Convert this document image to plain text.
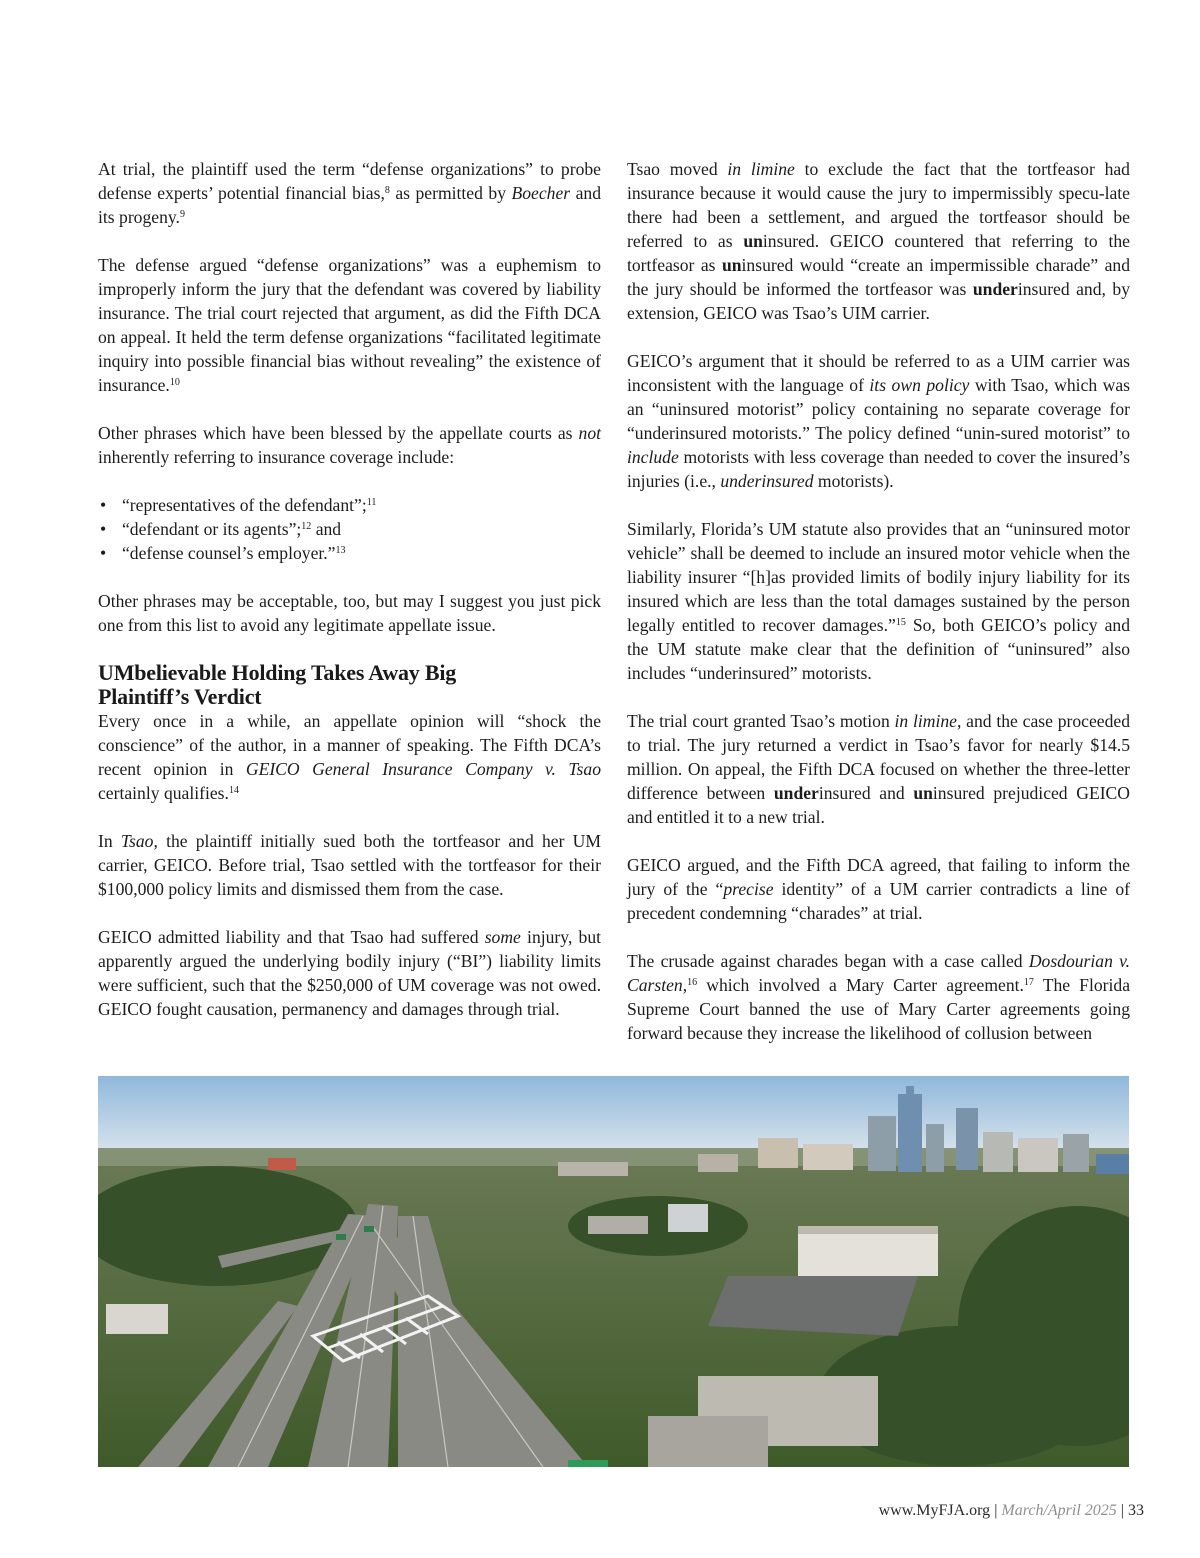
At trial, the plaintiff used the term “defense organizations” to probe defense experts’ potential financial bias,$^8$ as permitted by Boecher and its progeny.$^9$

The defense argued “defense organizations” was a euphemism to improperly inform the jury that the defendant was covered by liability insurance. The trial court rejected that argument, as did the Fifth DCA on appeal. It held the term defense organizations “facilitated legitimate inquiry into possible financial bias without revealing” the existence of insurance.$^{10}$

Other phrases which have been blessed by the appellate courts as not inherently referring to insurance coverage include:

• “representatives of the defendant”;$^{11}$
• “defendant or its agents”;$^{12}$ and
• “defense counsel’s employer.”$^{13}$

Other phrases may be acceptable, too, but may I suggest you just pick one from this list to avoid any legitimate appellate issue.

UMbelievable Holding Takes Away Big
Plaintiff’s Verdict

Every once in a while, an appellate opinion will “shock the conscience” of the author, in a manner of speaking. The Fifth DCA’s recent opinion in GEICO General Insurance Company v. Tsao certainly qualifies.$^{14}$

In Tsao, the plaintiff initially sued both the tortfeasor and her UM carrier, GEICO. Before trial, Tsao settled with the tortfeasor for their $100,000 policy limits and dismissed them from the case.

GEICO admitted liability and that Tsao had suffered some injury, but apparently argued the underlying bodily injury (“BI”) liability limits were sufficient, such that the $250,000 of UM coverage was not owed. GEICO fought causation, permanency and damages through trial.

Tsao moved in limine to exclude the fact that the tortfeasor had insurance because it would cause the jury to impermissibly specu-late there had been a settlement, and argued the tortfeasor should be referred to as uninsured. GEICO countered that referring to the tortfeasor as uninsured would “create an impermissible charade” and the jury should be informed the tortfeasor was underinsured and, by extension, GEICO was Tsao’s UIM carrier.

GEICO’s argument that it should be referred to as a UIM carrier was inconsistent with the language of its own policy with Tsao, which was an “uninsured motorist” policy containing no separate coverage for “underinsured motorists.” The policy defined “unin-sured motorist” to include motorists with less coverage than needed to cover the insured’s injuries (i.e., underinsured motorists).

Similarly, Florida’s UM statute also provides that an “uninsured motor vehicle” shall be deemed to include an insured motor vehicle when the liability insurer “[h]as provided limits of bodily injury liability for its insured which are less than the total damages sustained by the person legally entitled to recover damages.”$^{15}$ So, both GEICO’s policy and the UM statute make clear that the definition of “uninsured” also includes “underinsured” motorists.

The trial court granted Tsao’s motion in limine, and the case proceeded to trial. The jury returned a verdict in Tsao’s favor for nearly $14.5 million. On appeal, the Fifth DCA focused on whether the three-letter difference between underinsured and uninsured prejudiced GEICO and entitled it to a new trial.

GEICO argued, and the Fifth DCA agreed, that failing to inform the jury of the “precise identity” of a UM carrier contradicts a line of precedent condemning “charades” at trial.

The crusade against charades began with a case called Dosdourian v. Carsten,$^{16}$ which involved a Mary Carter agreement.$^{17}$ The Florida Supreme Court banned the use of Mary Carter agreements going forward because they increase the likelihood of collusion between

www.MyFJA.org | March/April 2025 | 33
